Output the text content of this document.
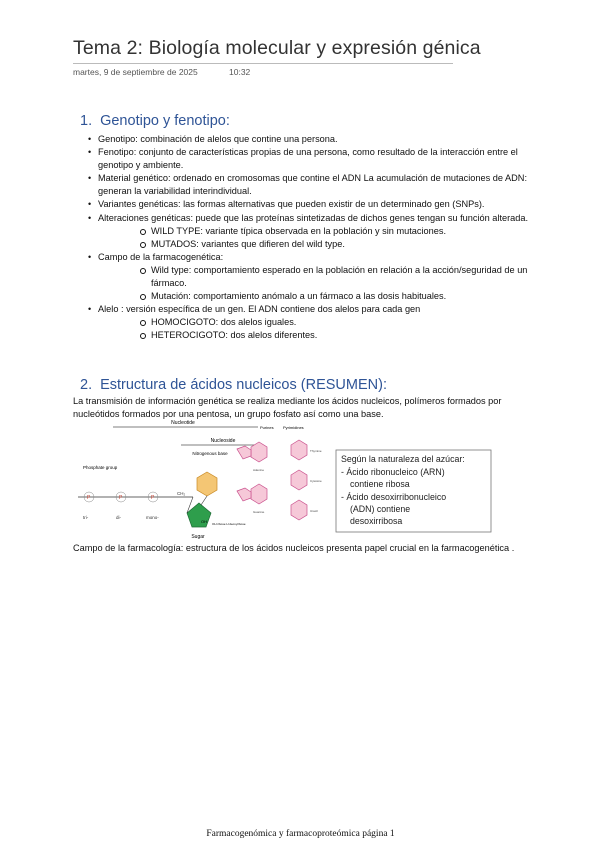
Tema 2: Biología molecular y expresión génica
martes, 9 de septiembre de 2025	10:32
1. Genotipo y fenotipo:
• Genotipo: combinación de alelos que contine una persona.
• Fenotipo: conjunto de características propias de una persona, como resultado de la interacción entre el genotipo y ambiente.
• Material genético: ordenado en cromosomas que contine el ADN La acumulación de mutaciones de ADN: generan la variabilidad interindividual.
• Variantes genéticas: las formas alternativas que pueden existir de un determinado gen (SNPs).
• Alteraciones genéticas: puede que las proteínas sintetizadas de dichos genes tengan su función alterada.
WILD TYPE: variante típica observada en la población y sin mutaciones.
MUTADOS: variantes que difieren del wild type.
• Campo de la farmacogenética:
Wild type: comportamiento esperado en la población en relación a la acción/seguridad de un fármaco.
Mutación: comportamiento anómalo a un fármaco a las dosis habituales.
• Alelo : versión específica de un gen. El ADN contiene dos alelos para cada gen
HOMOCIGOTO: dos alelos iguales.
HETEROCIGOTO: dos alelos diferentes.
2. Estructura de ácidos nucleicos (RESUMEN):
La transmisión de información genética se realiza mediante los ácidos nucleicos, polímeros formados por nucleótidos formados por una pentosa, un grupo fosfato así como una base.
Nucleotide
Nucleoside
Nitrogenous base
Phosphate group
P	P	P
tri-	di-	mono-
CH₂
Sugar
OH OH ribose H deoxyribose
Purines Pyrimidines
Adenine
Guanine
Thymine
Cytosine
Uracil
Según la naturaleza del azúcar:
- Ácido ribonucleico (ARN)
contiene ribosa
- Ácido desoxirribonucleico
(ADN) contiene
desoxirribosa
Campo de la farmacología: estructura de los ácidos nucleicos presenta papel crucial en la farmacogenética .
Farmacogenómica y farmacoproteómica página 1
